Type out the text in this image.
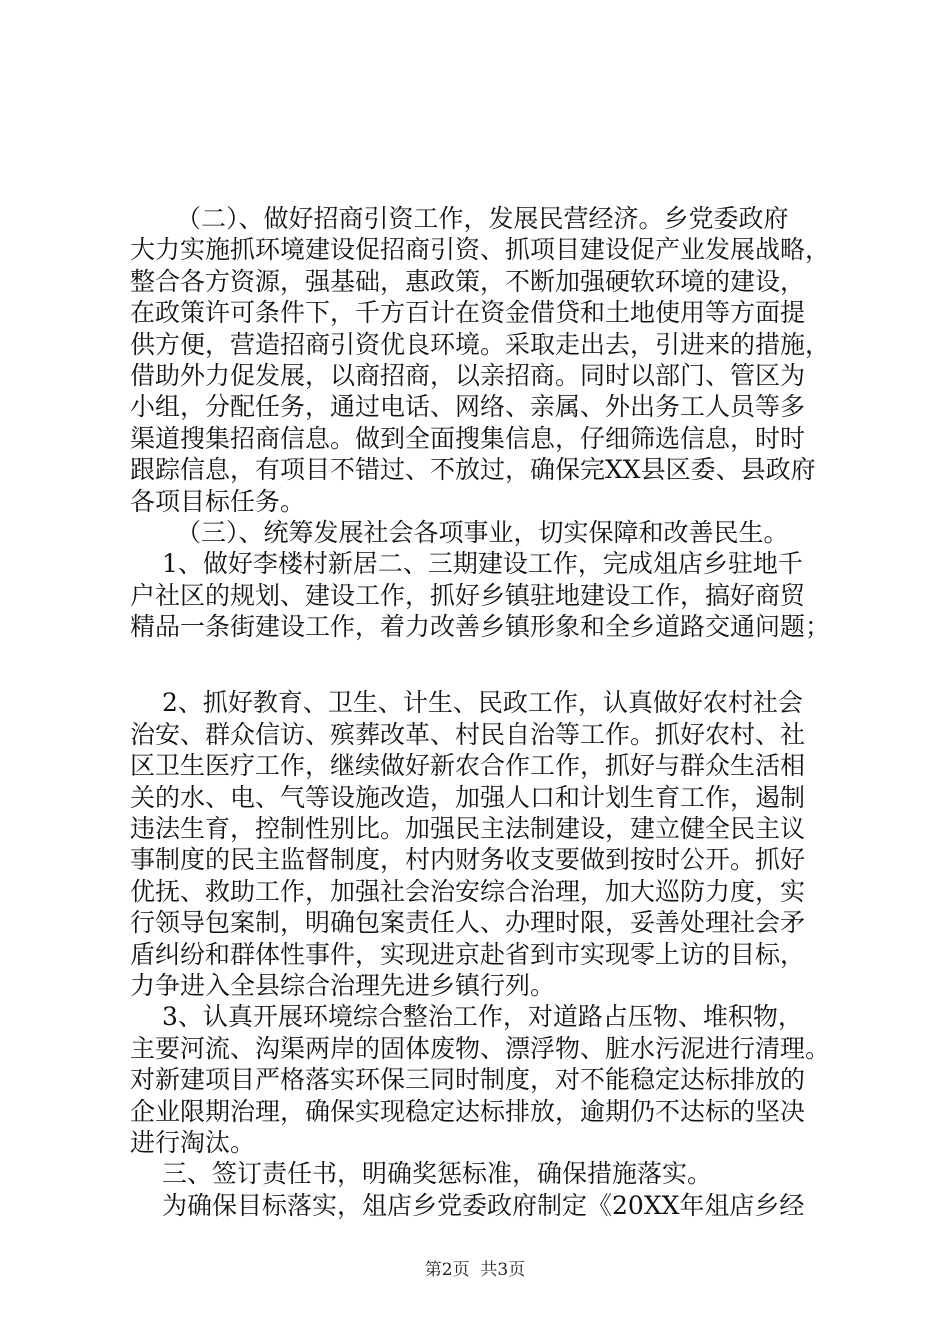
（二）、做好招商引资工作，发展民营经济。乡党委政府
大力实施抓环境建设促招商引资、抓项目建设促产业发展战略，
整合各方资源，强基础，惠政策，不断加强硬软环境的建设，
在政策许可条件下，千方百计在资金借贷和土地使用等方面提
供方便，营造招商引资优良环境。采取走出去，引进来的措施，
借助外力促发展，以商招商，以亲招商。同时以部门、管区为
小组，分配任务，通过电话、网络、亲属、外出务工人员等多
渠道搜集招商信息。做到全面搜集信息，仔细筛选信息，时时
跟踪信息，有项目不错过、不放过，确保完XX县区委、县政府
各项目标任务。
（三）、统筹发展社会各项事业，切实保障和改善民生。
1、做好李楼村新居二、三期建设工作，完成俎店乡驻地千
户社区的规划、建设工作，抓好乡镇驻地建设工作，搞好商贸
精品一条街建设工作，着力改善乡镇形象和全乡道路交通问题；
2、抓好教育、卫生、计生、民政工作，认真做好农村社会
治安、群众信访、殡葬改革、村民自治等工作。抓好农村、社
区卫生医疗工作，继续做好新农合作工作，抓好与群众生活相
关的水、电、气等设施改造，加强人口和计划生育工作，遏制
违法生育，控制性别比。加强民主法制建设，建立健全民主议
事制度的民主监督制度，村内财务收支要做到按时公开。抓好
优抚、救助工作，加强社会治安综合治理，加大巡防力度，实
行领导包案制，明确包案责任人、办理时限，妥善处理社会矛
盾纠纷和群体性事件，实现进京赴省到市实现零上访的目标，
力争进入全县综合治理先进乡镇行列。
3、认真开展环境综合整治工作，对道路占压物、堆积物，
主要河流、沟渠两岸的固体废物、漂浮物、脏水污泥进行清理。
对新建项目严格落实环保三同时制度，对不能稳定达标排放的
企业限期治理，确保实现稳定达标排放，逾期仍不达标的坚决
进行淘汰。
三、签订责任书，明确奖惩标准，确保措施落实。
为确保目标落实，俎店乡党委政府制定《20XX年俎店乡经
第2页  共3页
